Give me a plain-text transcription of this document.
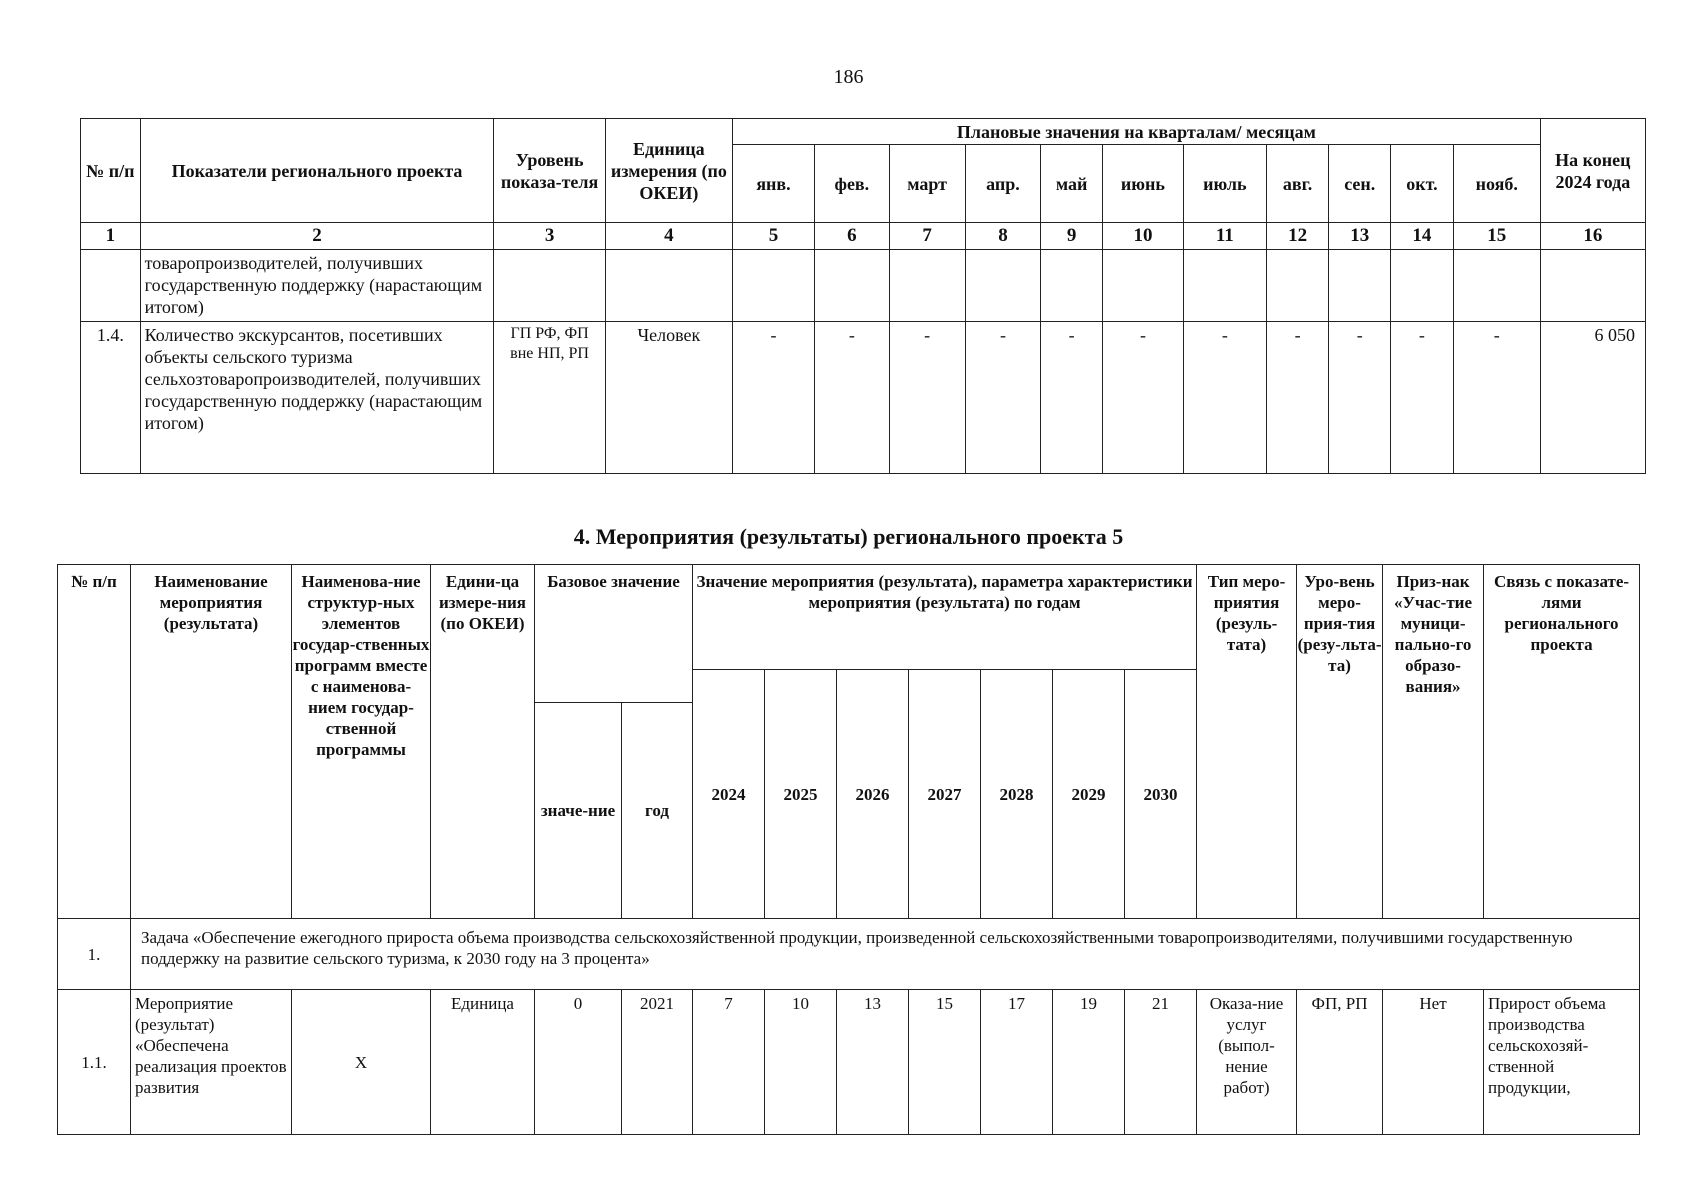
186
№ п/п	Показатели регионального проекта	Уровень показа-теля	Единица измерения (по ОКЕИ)	Плановые значения на кварталам/ месяцам											На конец 2024 года
				янв.	фев.	март	апр.	май	июнь	июль	авг.	сен.	окт.	нояб.	
1	2	3	4	5	6	7	8	9	10	11	12	13	14	15	16
	товаропроизводителей, получивших государственную поддержку (нарастающим итогом)														
1.4.	Количество экскурсантов, посетивших объекты сельского туризма сельхозтоваропроизводителей, получивших государственную поддержку (нарастающим итогом)	ГП РФ, ФП вне НП, РП	Человек	-	-	-	-	-	-	-	-	-	-	-	6 050
4. Мероприятия (результаты) регионального проекта 5
№ п/п	Наименование мероприятия (результата)	Наименова-ние структур-ных элементов государ-ственных программ вместе с наименова-нием государ-ственной программы	Едини-ца измере-ния (по ОКЕИ)	Базовое значение		Значение мероприятия (результата), параметра характеристики мероприятия (результата) по годам							Тип меро-приятия (резуль-тата)	Уро-вень меро-прия-тия (резу-льта-та)	Приз-нак «Учас-тие муници-пально-го образо-вания»	Связь с показате-лями регионального проекта
						2024	2025	2026	2027	2028	2029	2030				
				значе-ние	год											
1.	Задача «Обеспечение ежегодного прироста объема производства сельскохозяйственной продукции, произведенной сельскохозяйственными товаропроизводителями, получившими государственную поддержку на развитие сельского туризма, к 2030 году на 3 процента»															
1.1.	Мероприятие (результат) «Обеспечена реализация проектов развития	X	Единица	0	2021	7	10	13	15	17	19	21	Оказа-ние услуг (выпол-нение работ)	ФП, РП	Нет	Прирост объема производства сельскохозяй-ственной продукции,
